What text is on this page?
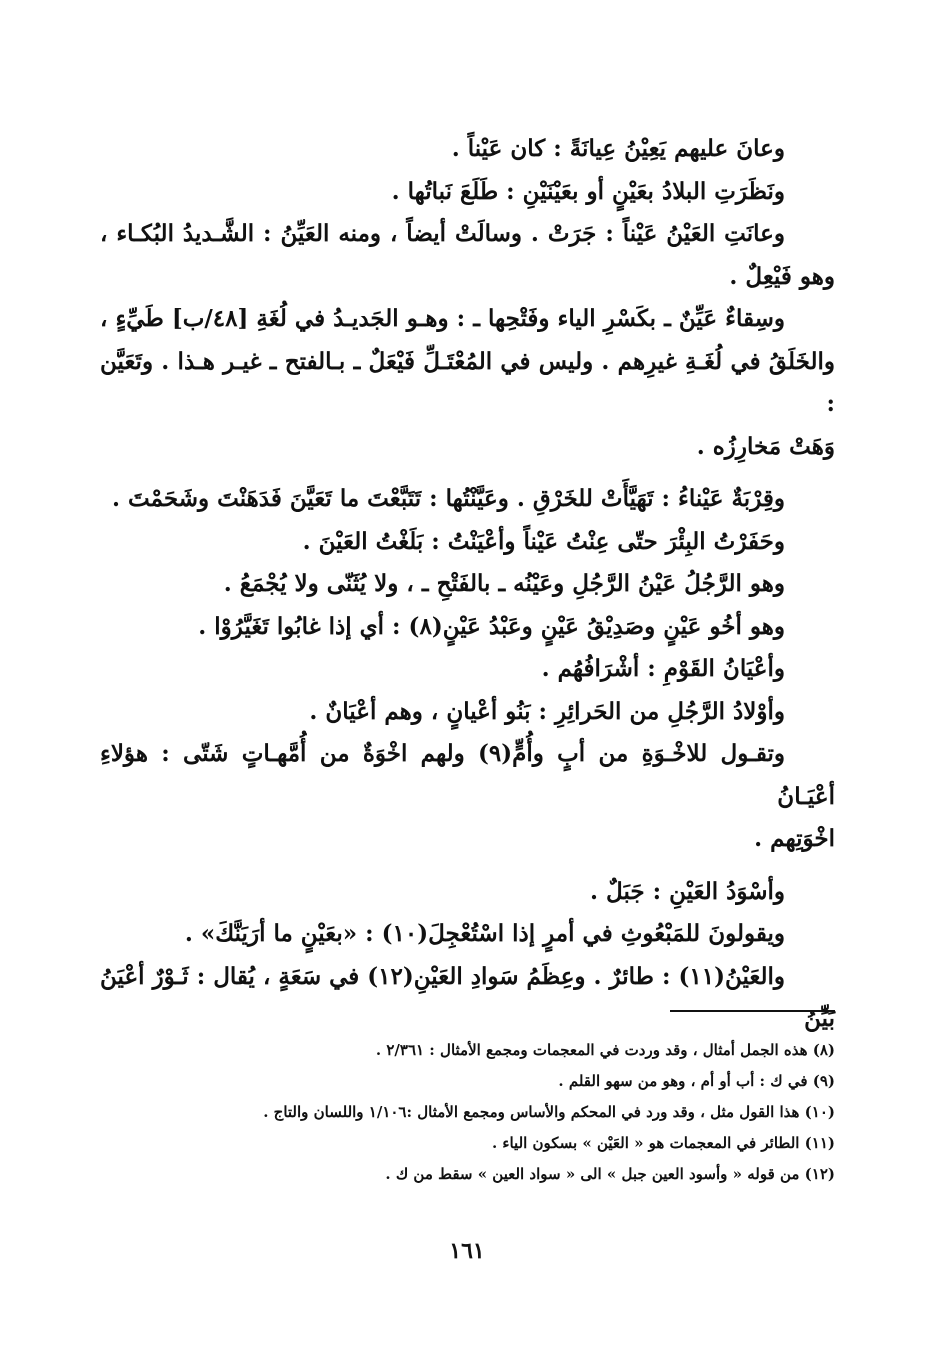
وعانَ عليهم يَعِيْنُ عِيانَةً : كان عَيْناً .

ونَظَرَتِ البلادُ بعَيْنٍ أو بعَيْنَيْنِ : طَلَعَ نَباتُها .

وعانَتِ العَيْنُ عَيْناً : جَرَتْ . وسالَتْ أيضاً ، ومنه العَيِّنُ : الشَّـديدُ البُكـاء ،
وهو فَيْعِلٌ .

وسِقاءٌ عَيِّنٌ ـ بكَسْرِ الياء وفَتْحِها ـ : وهـو الجَديـدُ في لُغَةِ [٤٨/ب] طَيِّءٍ ،
والخَلَقُ في لُغَـةِ غيرِهم . وليس في المُعْتَـلِّ فَيْعَلٌ ـ بـالفتح ـ غيـر هـذا . وتَعَيَّن :
وَهَتْ مَخارِزُه .

وقِرْبَةٌ عَيْناءُ : تَهَيَّأَتْ للخَرْقِ . وعَيَّنْتُها : تَتَبَّعْتَ ما تَعَيَّنَ فَدَهَنْتَ وشَحَمْتَ .

وحَفَرْتُ البِئْرَ حتّى عِنْتُ عَيْناً وأعْيَنْتُ : بَلَغْتُ العَيْنَ .

وهو الرَّجُلُ عَيْنُ الرَّجُلِ وعَيْنُه ـ بالفَتْحِ ـ ، ولا يُثَنّى ولا يُجْمَعُ .

وهو أخُو عَيْنٍ وصَدِيْقُ عَيْنٍ وعَبْدُ عَيْنٍ(٨) : أي إذا غابُوا تَغَيَّرُوْا .

وأعْيَانُ القَوْمِ : أشْرَافُهُم .

وأوْلادُ الرَّجُلِ من الحَرائِرِ : بَنُو أعْيانٍ ، وهم أعْيَانٌ .

وتقـول للاخْـوَةِ من أبٍ وأُمٍّ(٩) ولهم اخْوَةٌ من أُمَّهـاتٍ شَتّى : هؤلاءِ أعْيَـانُ
اخْوَتِهم .

وأسْوَدُ العَيْنِ : جَبَلٌ .

ويقولونَ للمَبْعُوثِ في أمرٍ إذا اسْتُعْجِلَ(١٠) : «بعَيْنٍ ما أرَيَنَّكَ» .

والعَيْنُ(١١) : طائرٌ . وعِظَمُ سَوادِ العَيْنِ(١٢) في سَعَةٍ ، يُقال : ثَـوْرٌ أعْيَنُ بَيِّنُ

(٨) هذه الجمل أمثال ، وقد وردت في المعجمات ومجمع الأمثال : ٢/٣٦١ .

(٩) في ك : أب أو أم ، وهو من سهو القلم .

(١٠) هذا القول مثل ، وقد ورد في المحكم والأساس ومجمع الأمثال :١/١٠٦ واللسان والتاج .

(١١) الطائر في المعجمات هو « العَيْن » بسكون الياء .

(١٢) من قوله « وأسود العين جبل » الى « سواد العين » سقط من ك .

١٦١
